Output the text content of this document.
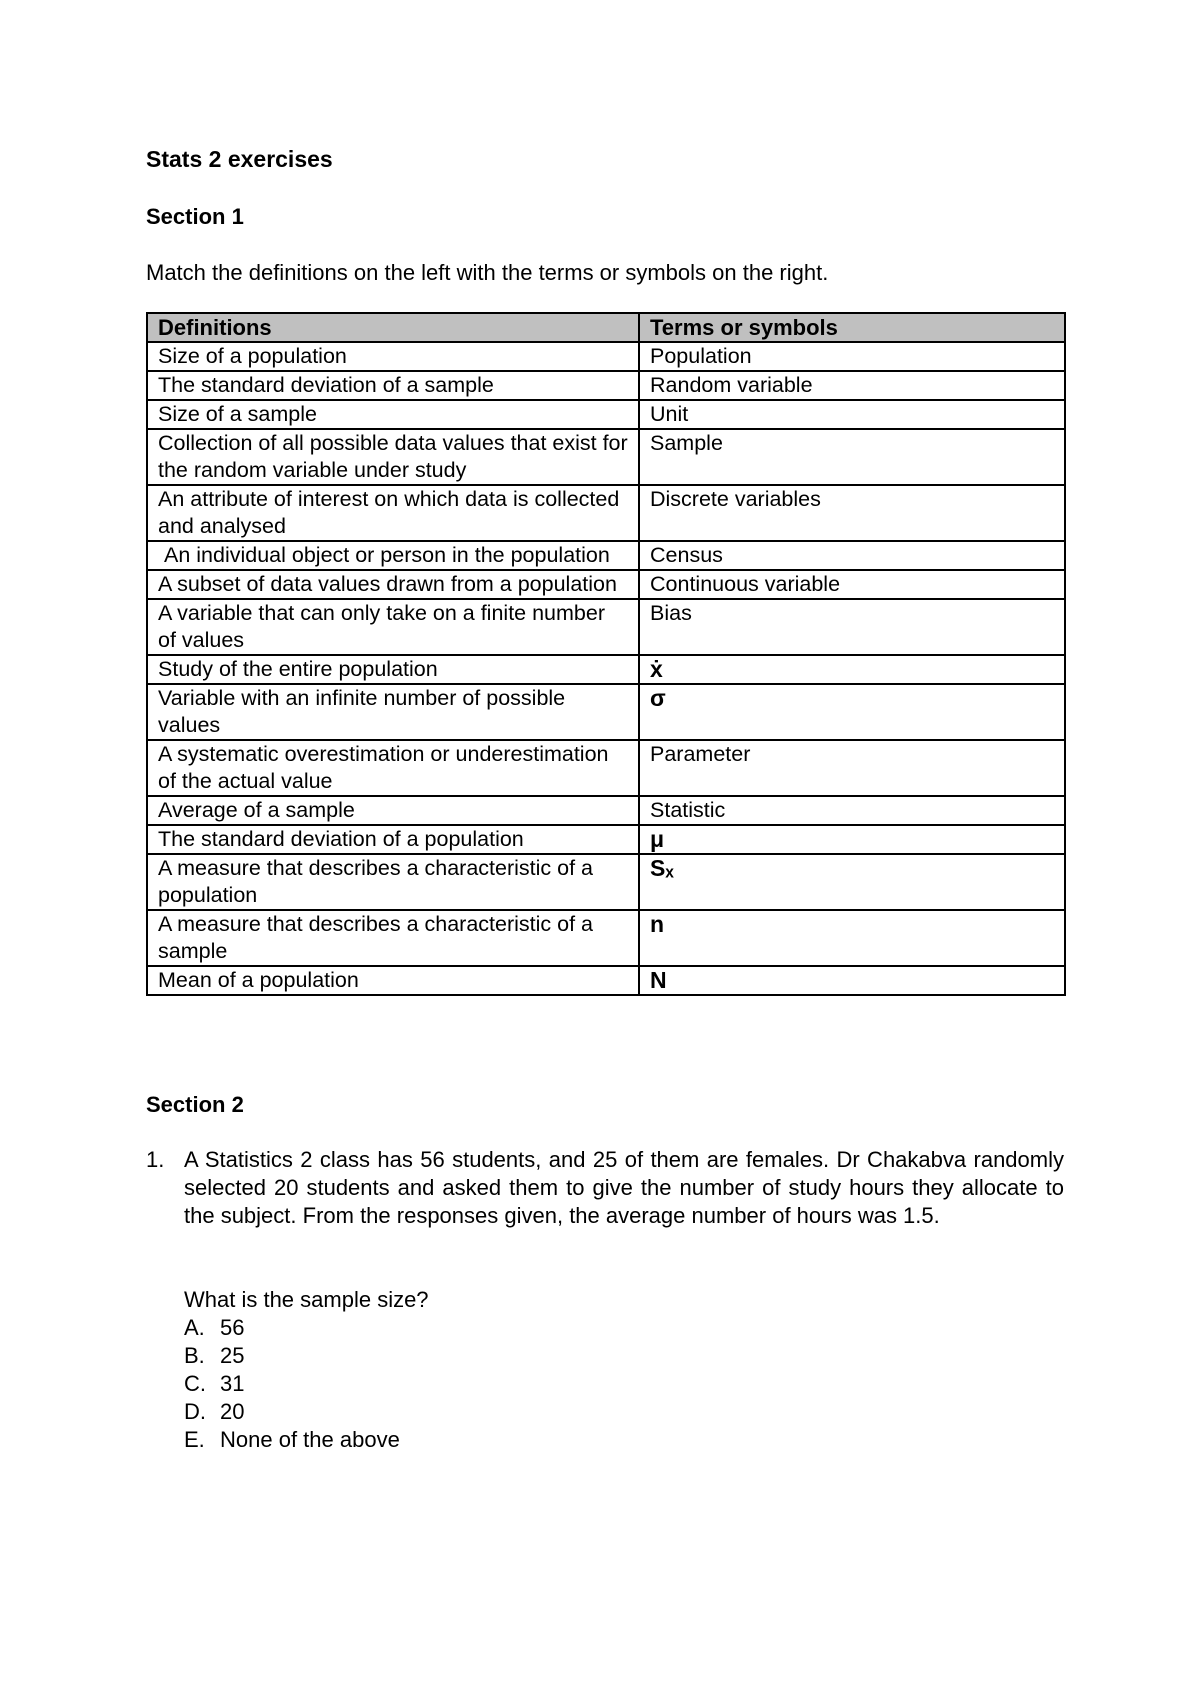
Stats 2 exercises
Section 1
Match the definitions on the left with the terms or symbols on the right.
Definitions	Terms or symbols
Size of a population	Population
The standard deviation of a sample	Random variable
Size of a sample	Unit
Collection of all possible data values that exist for the random variable under study	Sample
An attribute of interest on which data is collected and analysed	Discrete variables
An individual object or person in the population	Census
A subset of data values drawn from a population	Continuous variable
A variable that can only take on a finite number of values	Bias
Study of the entire population	ẋ
Variable with an infinite number of possible values	σ
A systematic overestimation or underestimation of the actual value	Parameter
Average of a sample	Statistic
The standard deviation of a population	μ
A measure that describes a characteristic of a population	Sₓ
A measure that describes a characteristic of a sample	n
Mean of a population	N
Section 2
1. A Statistics 2 class has 56 students, and 25 of them are females. Dr Chakabva randomly selected 20 students and asked them to give the number of study hours they allocate to the subject. From the responses given, the average number of hours was 1.5.
What is the sample size?
A. 56
B. 25
C. 31
D. 20
E. None of the above
